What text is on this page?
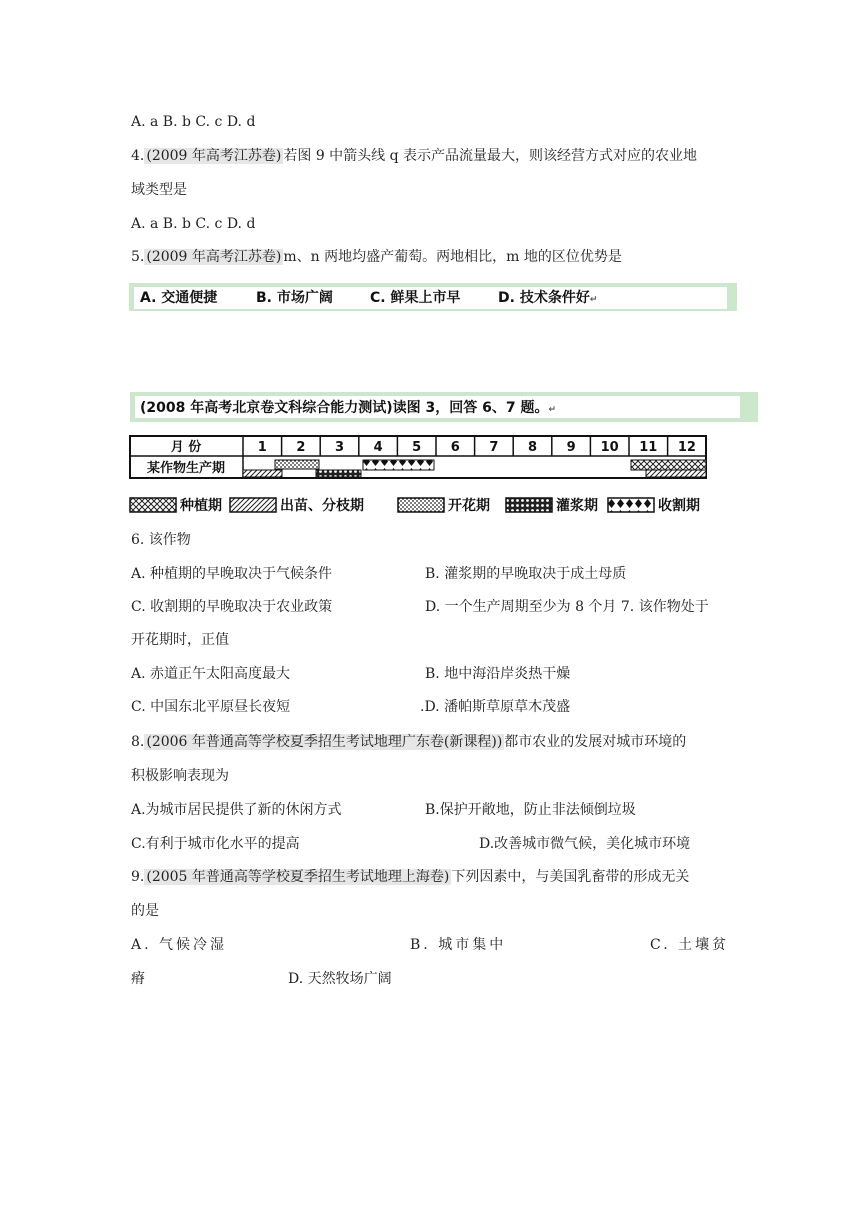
A. a B. b C. c D. d
4. (2009 年高考江苏卷) 若图 9 中箭头线 q 表示产品流量最大，则该经营方式对应的农业地
域类型是
A. a B. b C. c D. d
5. (2009 年高考江苏卷) m、n 两地均盛产葡萄。两地相比，m 地的区位优势是
A. 交通便捷	B. 市场广阔	C. 鲜果上市早	D. 技术条件好↵
(2008 年高考北京卷文科综合能力测试)读图 3，回答 6、7 题。↵
月 份	1 2 3 4 5 6 7 8 9 10 11 12
某作物生产期
种植期	出苗、分枝期	开花期	灌浆期	收割期
6. 该作物
A. 种植期的早晚取决于气候条件	B. 灌浆期的早晚取决于成土母质
C. 收割期的早晚取决于农业政策	D. 一个生产周期至少为 8 个月 7. 该作物处于
开花期时，正值
A. 赤道正午太阳高度最大	B. 地中海沿岸炎热干燥
C. 中国东北平原昼长夜短	.D. 潘帕斯草原草木茂盛
8. (2006 年普通高等学校夏季招生考试地理广东卷(新课程)) 都市农业的发展对城市环境的
积极影响表现为
A.为城市居民提供了新的休闲方式	B.保护开敞地，防止非法倾倒垃圾
C.有利于城市化水平的提高	D.改善城市微气候，美化城市环境
9. (2005 年普通高等学校夏季招生考试地理上海卷) 下列因素中，与美国乳畜带的形成无关
的是
A. 气候冷湿	B. 城市集中	C. 土壤贫
瘠	D. 天然牧场广阔
